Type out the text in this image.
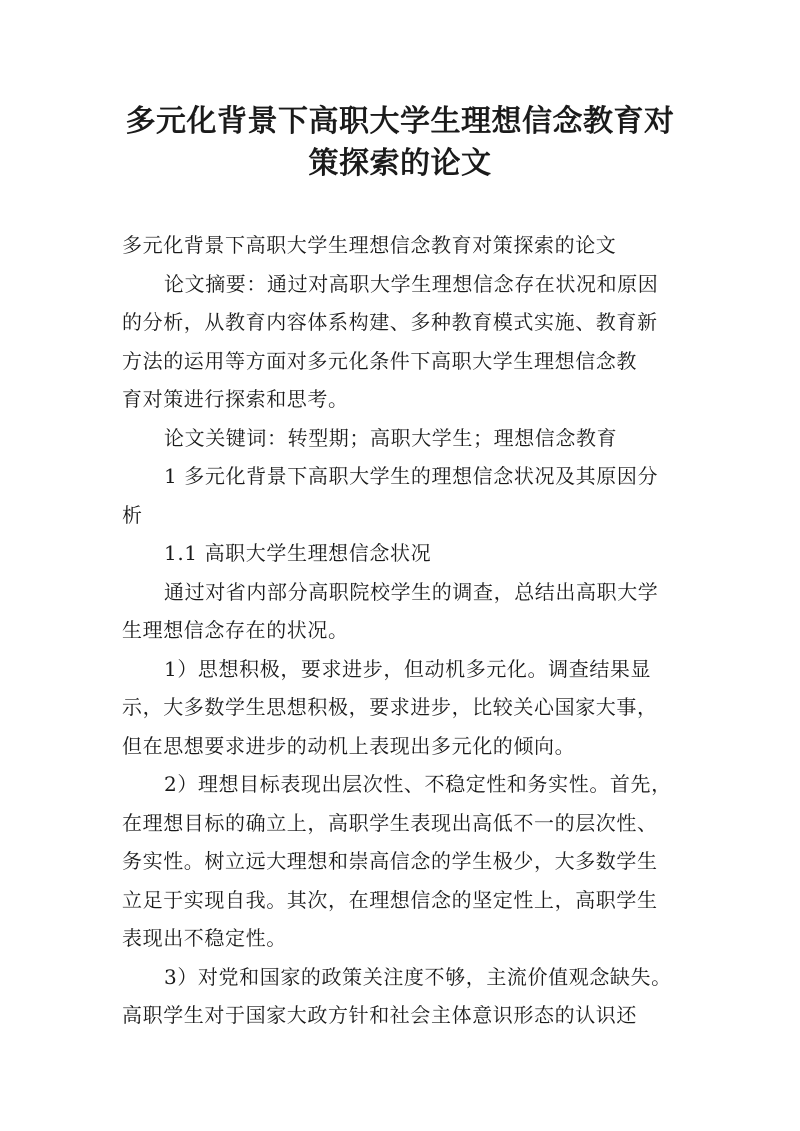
多元化背景下高职大学生理想信念教育对
策探索的论文
多元化背景下高职大学生理想信念教育对策探索的论文
论文摘要：通过对高职大学生理想信念存在状况和原因
的分析，从教育内容体系构建、多种教育模式实施、教育新
方法的运用等方面对多元化条件下高职大学生理想信念教
育对策进行探索和思考。
论文关键词：转型期；高职大学生；理想信念教育
1 多元化背景下高职大学生的理想信念状况及其原因分
析
1.1 高职大学生理想信念状况
通过对省内部分高职院校学生的调查，总结出高职大学
生理想信念存在的状况。
1）思想积极，要求进步，但动机多元化。调查结果显
示，大多数学生思想积极，要求进步，比较关心国家大事，
但在思想要求进步的动机上表现出多元化的倾向。
2）理想目标表现出层次性、不稳定性和务实性。首先，
在理想目标的确立上，高职学生表现出高低不一的层次性、
务实性。树立远大理想和崇高信念的学生极少，大多数学生
立足于实现自我。其次，在理想信念的坚定性上，高职学生
表现出不稳定性。
3）对党和国家的政策关注度不够，主流价值观念缺失。
高职学生对于国家大政方针和社会主体意识形态的认识还
